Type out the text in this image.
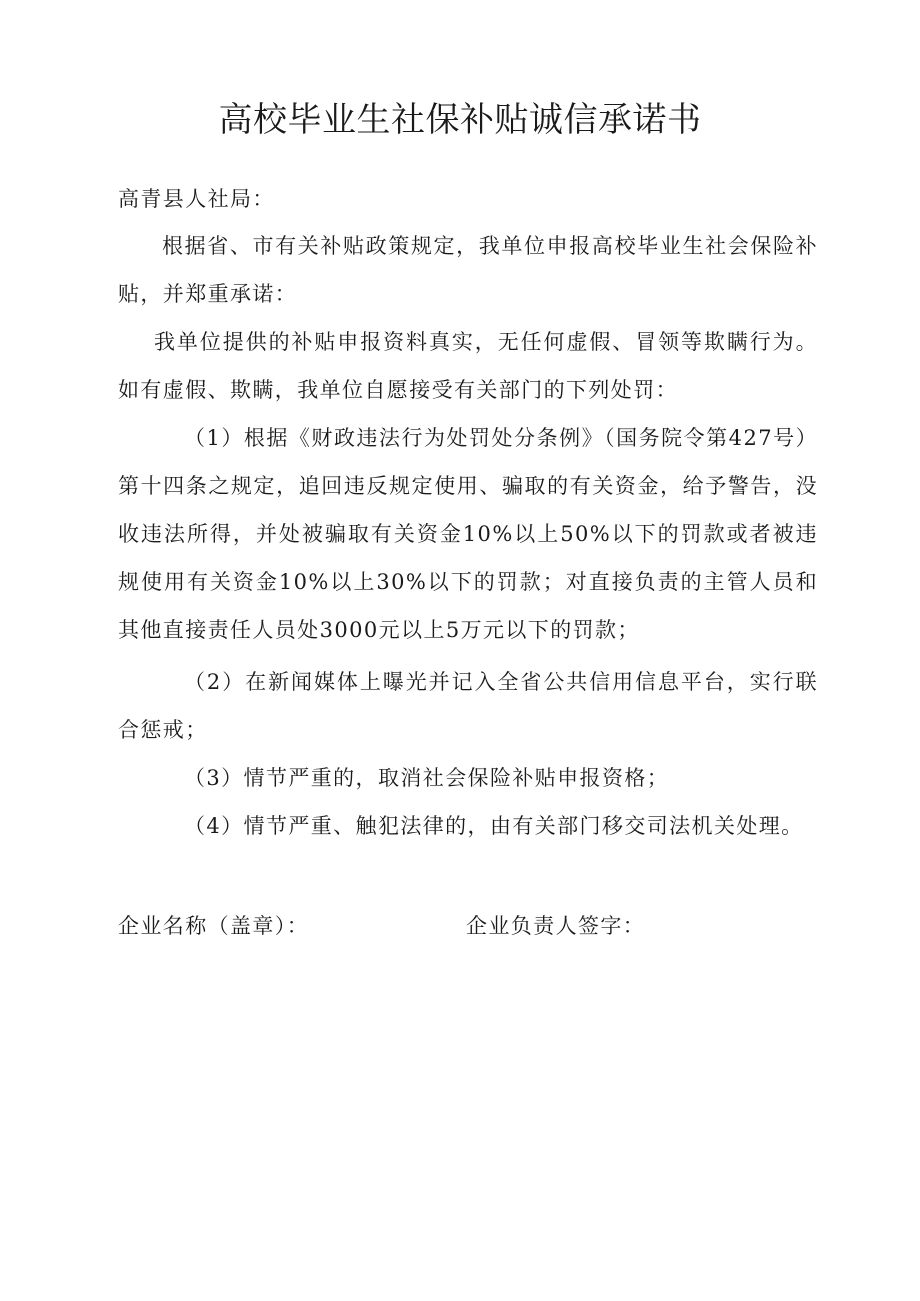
高校毕业生社保补贴诚信承诺书

高青县人社局：

根据省、市有关补贴政策规定，我单位申报高校毕业生社会保险补贴，并郑重承诺：

我单位提供的补贴申报资料真实，无任何虚假、冒领等欺瞒行为。如有虚假、欺瞒，我单位自愿接受有关部门的下列处罚：

（1）根据《财政违法行为处罚处分条例》（国务院令第427号）第十四条之规定，追回违反规定使用、骗取的有关资金，给予警告，没收违法所得，并处被骗取有关资金10%以上50%以下的罚款或者被违规使用有关资金10%以上30%以下的罚款；对直接负责的主管人员和其他直接责任人员处3000元以上5万元以下的罚款；

（2）在新闻媒体上曝光并记入全省公共信用信息平台，实行联合惩戒；

（3）情节严重的，取消社会保险补贴申报资格；

（4）情节严重、触犯法律的，由有关部门移交司法机关处理。

企业名称（盖章）：	企业负责人签字：
